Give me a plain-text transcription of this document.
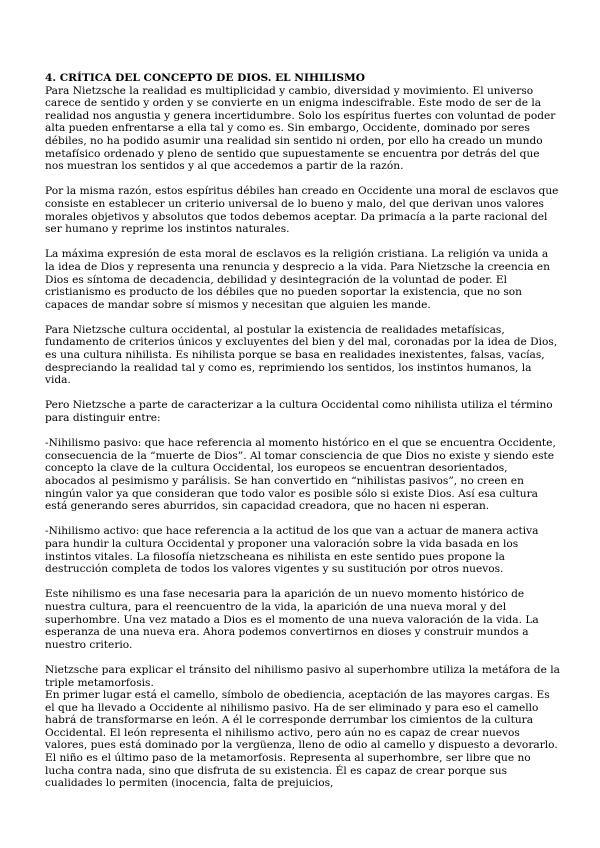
4. CRÍTICA DEL CONCEPTO DE DIOS. EL NIHILISMO

Para Nietzsche la realidad es multiplicidad y cambio, diversidad y movimiento. El universo carece de sentido y orden y se convierte en un enigma indescifrable. Este modo de ser de la realidad nos angustia y genera incertidumbre. Solo los espíritus fuertes con voluntad de poder alta pueden enfrentarse a ella tal y como es. Sin embargo, Occidente, dominado por seres débiles, no ha podido asumir una realidad sin sentido ni orden, por ello ha creado un mundo metafísico ordenado y pleno de sentido que supuestamente se encuentra por detrás del que nos muestran los sentidos y al que accedemos a partir de la razón.

Por la misma razón, estos espíritus débiles han creado en Occidente una moral de esclavos que consiste en establecer un criterio universal de lo bueno y malo, del que derivan unos valores morales objetivos y absolutos que todos debemos aceptar. Da primacía a la parte racional del ser humano y reprime los instintos naturales.

La máxima expresión de esta moral de esclavos es la religión cristiana. La religión va unida a la idea de Dios y representa una renuncia y desprecio a la vida. Para Nietzsche la creencia en Dios es síntoma de decadencia, debilidad y desintegración de la voluntad de poder. El cristianismo es producto de los débiles que no pueden soportar la existencia, que no son capaces de mandar sobre sí mismos y necesitan que alguien les mande.

Para Nietzsche cultura occidental, al postular la existencia de realidades metafísicas, fundamento de criterios únicos y excluyentes del bien y del mal, coronadas por la idea de Dios, es una cultura nihilista. Es nihilista porque se basa en realidades inexistentes, falsas, vacías, despreciando la realidad tal y como es, reprimiendo los sentidos, los instintos humanos, la vida.

Pero Nietzsche a parte de caracterizar a la cultura Occidental como nihilista utiliza el término para distinguir entre:

-Nihilismo pasivo: que hace referencia al momento histórico en el que se encuentra Occidente, consecuencia de la “muerte de Dios”. Al tomar consciencia de que Dios no existe y siendo este concepto la clave de la cultura Occidental, los europeos se encuentran desorientados, abocados al pesimismo y parálisis. Se han convertido en “nihilistas pasivos”, no creen en ningún valor ya que consideran que todo valor es posible sólo si existe Dios. Así esa cultura está generando seres aburridos, sin capacidad creadora, que no hacen ni esperan.

-Nihilismo activo: que hace referencia a la actitud de los que van a actuar de manera activa para hundir la cultura Occidental y proponer una valoración sobre la vida basada en los instintos vitales. La filosofía nietzscheana es nihilista en este sentido pues propone la destrucción completa de todos los valores vigentes y su sustitución por otros nuevos.

Este nihilismo es una fase necesaria para la aparición de un nuevo momento histórico de nuestra cultura, para el reencuentro de la vida, la aparición de una nueva moral y del superhombre. Una vez matado a Dios es el momento de una nueva valoración de la vida. La esperanza de una nueva era. Ahora podemos convertirnos en dioses y construir mundos a nuestro criterio.

Nietzsche para explicar el tránsito del nihilismo pasivo al superhombre utiliza la metáfora de la triple metamorfosis.

En primer lugar está el camello, símbolo de obediencia, aceptación de las mayores cargas. Es el que ha llevado a Occidente al nihilismo pasivo. Ha de ser eliminado y para eso el camello habrá de transformarse en león. A él le corresponde derrumbar los cimientos de la cultura Occidental. El león representa el nihilismo activo, pero aún no es capaz de crear nuevos valores, pues está dominado por la vergüenza, lleno de odio al camello y dispuesto a devorarlo. El niño es el último paso de la metamorfosis. Representa al superhombre, ser libre que no lucha contra nada, sino que disfruta de su existencia. Él es capaz de crear porque sus cualidades lo permiten (inocencia, falta de prejuicios,
